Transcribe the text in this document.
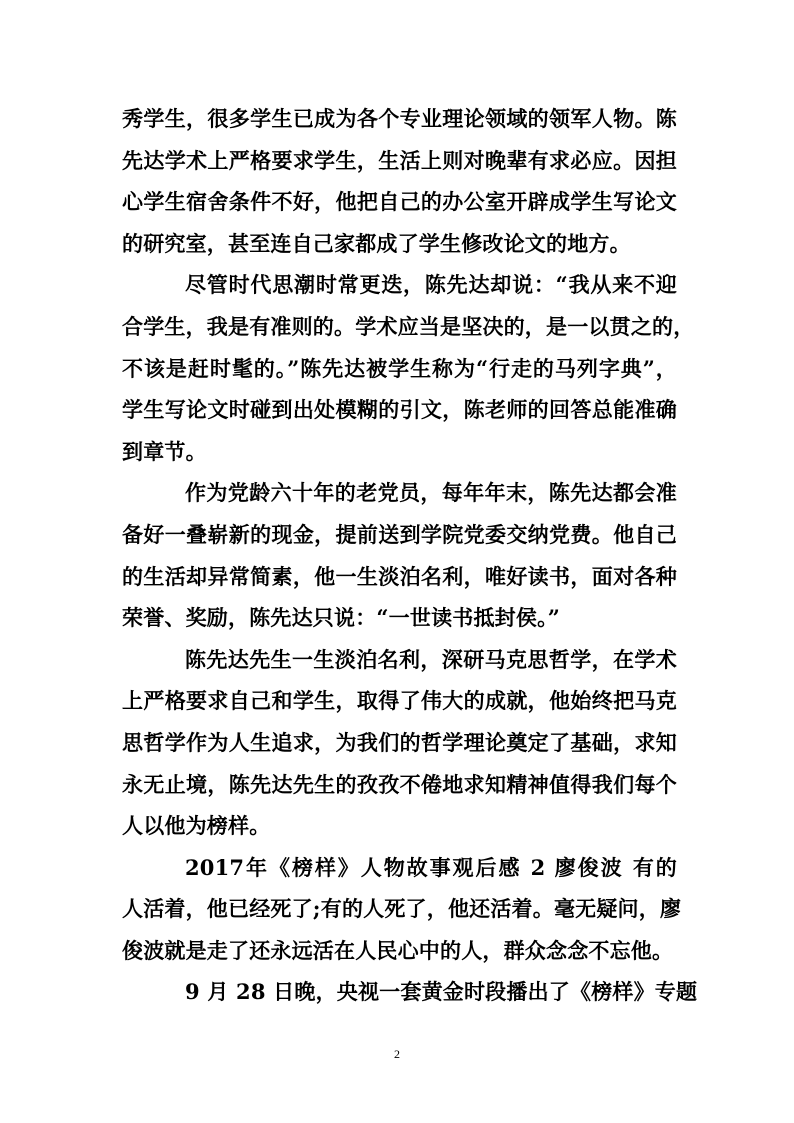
秀学生，很多学生已成为各个专业理论领域的领军人物。陈
先达学术上严格要求学生，生活上则对晚辈有求必应。因担
心学生宿舍条件不好，他把自己的办公室开辟成学生写论文
的研究室，甚至连自己家都成了学生修改论文的地方。
尽管时代思潮时常更迭，陈先达却说：“我从来不迎
合学生，我是有准则的。学术应当是坚决的，是一以贯之的，
不该是赶时髦的。”陈先达被学生称为“行走的马列字典”，
学生写论文时碰到出处模糊的引文，陈老师的回答总能准确
到章节。
作为党龄六十年的老党员，每年年末，陈先达都会准
备好一叠崭新的现金，提前送到学院党委交纳党费。他自己
的生活却异常简素，他一生淡泊名利，唯好读书，面对各种
荣誉、奖励，陈先达只说：“一世读书抵封侯。”
陈先达先生一生淡泊名利，深研马克思哲学，在学术
上严格要求自己和学生，取得了伟大的成就，他始终把马克
思哲学作为人生追求，为我们的哲学理论奠定了基础，求知
永无止境，陈先达先生的孜孜不倦地求知精神值得我们每个
人以他为榜样。
2017年《榜样》人物故事观后感 2 廖俊波 有的
人活着，他已经死了;有的人死了，他还活着。毫无疑问，廖
俊波就是走了还永远活在人民心中的人，群众念念不忘他。
9 月 28 日晚，央视一套黄金时段播出了《榜样》专题
2
